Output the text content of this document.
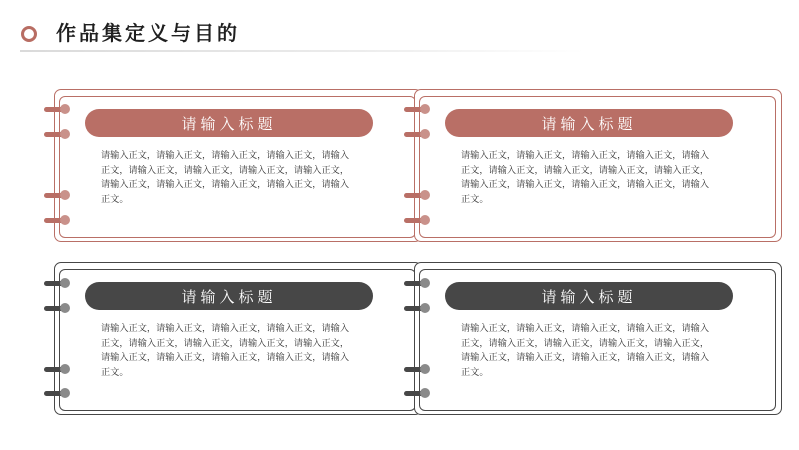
作品集定义与目的
请输入标题

请输入正文，请输入正文，请输入正文，请输入正文，请输入正文，请输入正文，请输入正文，请输入正文，请输入正文，请输入正文，请输入正文，请输入正文，请输入正文，请输入正文。

请输入标题

请输入正文，请输入正文，请输入正文，请输入正文，请输入正文，请输入正文，请输入正文，请输入正文，请输入正文，请输入正文，请输入正文，请输入正文，请输入正文，请输入正文。

请输入标题

请输入正文，请输入正文，请输入正文，请输入正文，请输入正文，请输入正文，请输入正文，请输入正文，请输入正文，请输入正文，请输入正文，请输入正文，请输入正文，请输入正文。

请输入标题

请输入正文，请输入正文，请输入正文，请输入正文，请输入正文，请输入正文，请输入正文，请输入正文，请输入正文，请输入正文，请输入正文，请输入正文，请输入正文，请输入正文。
